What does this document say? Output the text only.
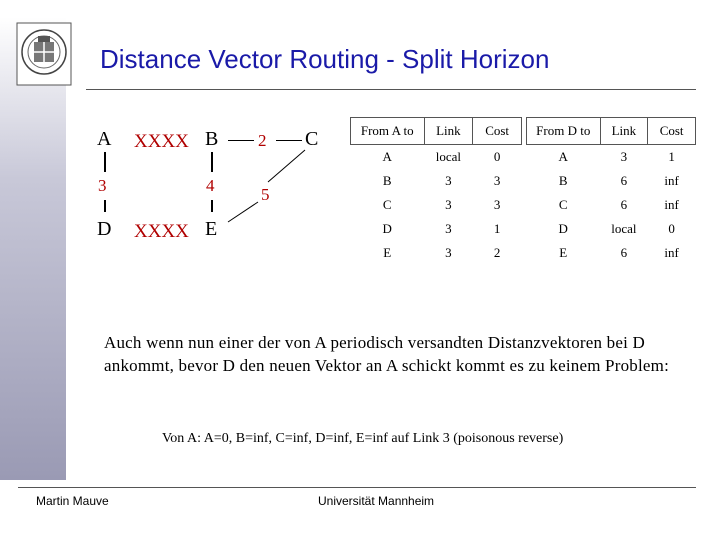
Distance Vector Routing - Split Horizon
A XXXX B 2 C
3	4	5
D XXXX E
From A to	Link	Cost
A	local	0
B	3	3
C	3	3
D	3	1
E	3	2
From D to	Link	Cost
A	3	1
B	6	inf
C	6	inf
D	local	0
E	6	inf
Auch wenn nun einer der von A periodisch versandten Distanzvektoren bei D ankommt, bevor D den neuen Vektor an A schickt kommt es zu keinem Problem:
Von A: A=0, B=inf, C=inf, D=inf, E=inf auf Link 3 (poisonous reverse)
Martin Mauve	Universität Mannheim
